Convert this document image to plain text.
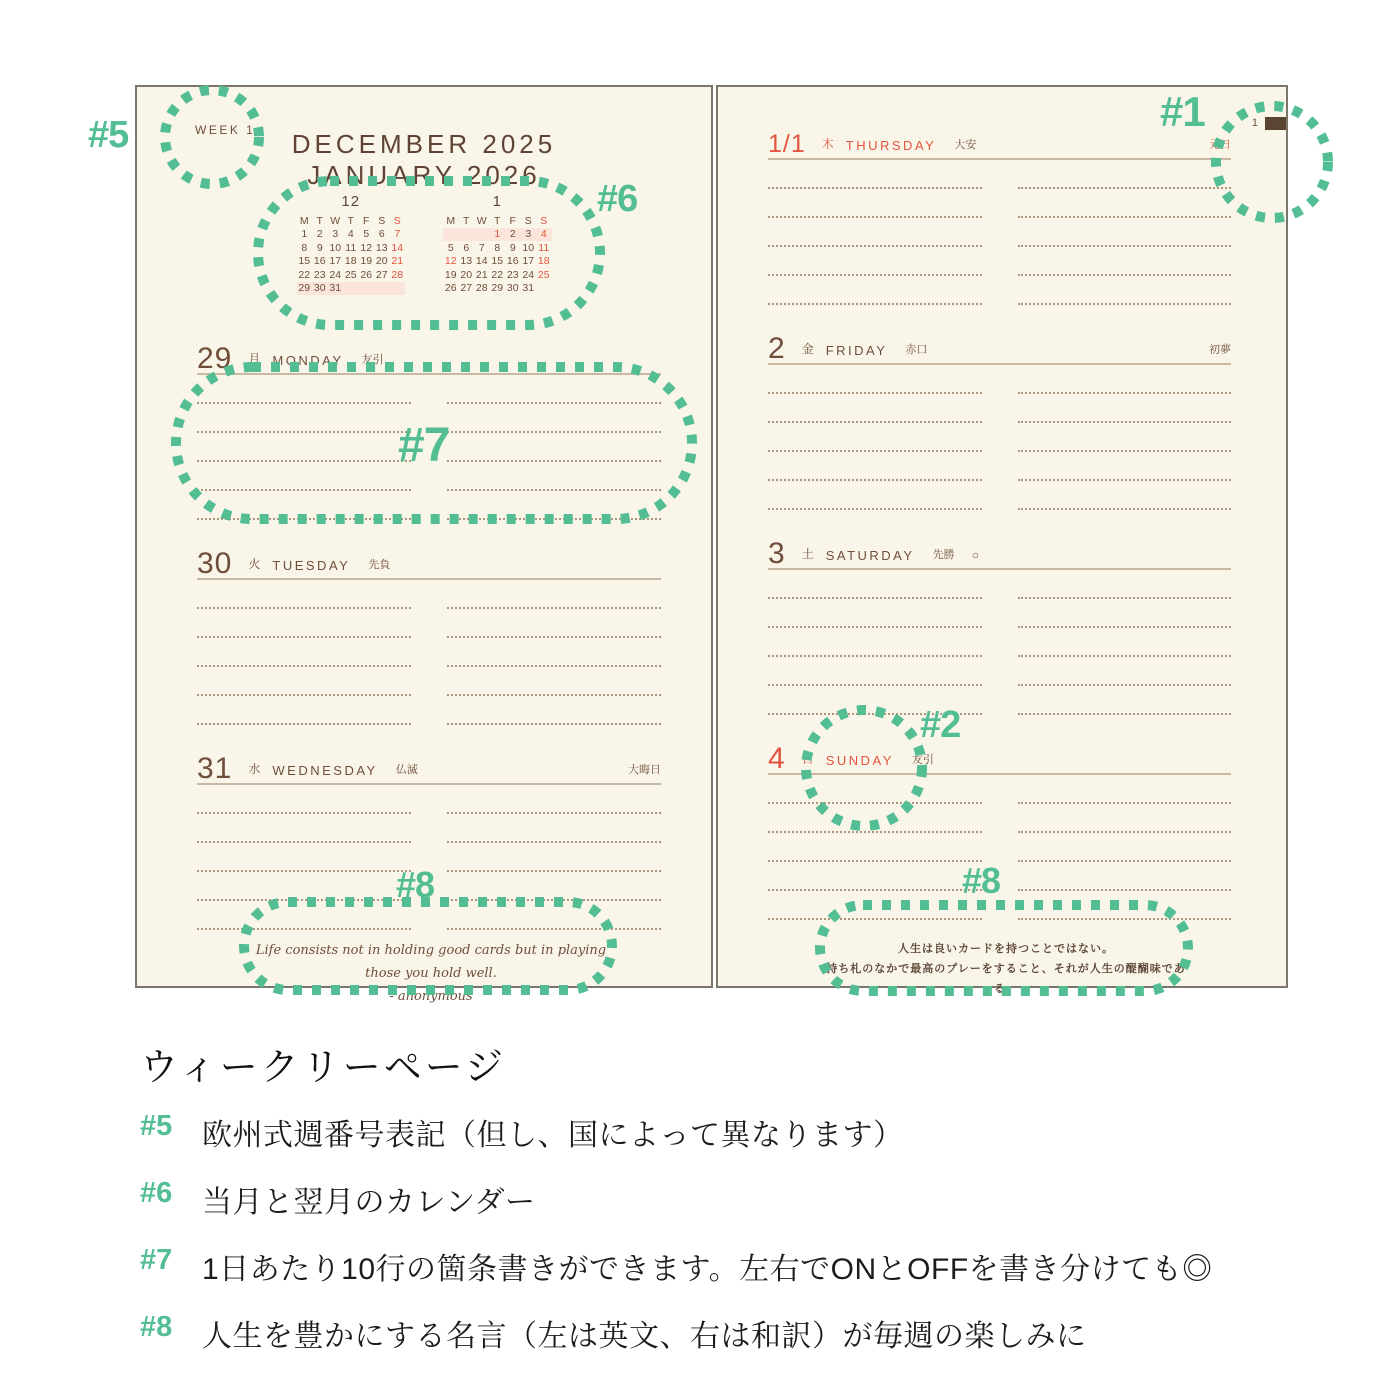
WEEK 1	DECEMBER 2025
JANUARY 2026
12
M	T	W	T	F	S	S
1	2	3	4	5	6	7
8	9	10	11	12	13	14
15	16	17	18	19	20	21
22	23	24	25	26	27	28
29	30	31				
1
M	T	W	T	F	S	S
			1	2	3	4
5	6	7	8	9	10	11
12	13	14	15	16	17	18
19	20	21	22	23	24	25
26	27	28	29	30	31	
29 月 MONDAY 友引
30 火 TUESDAY 先負
31 水 WEDNESDAY 仏滅	大晦日
Life consists not in holding good cards but in playing those you hold well.
- anonymous
1
1/1 木 THURSDAY 大安	元日
2 金 FRIDAY 赤口	初夢
3 土 SATURDAY 先勝 ○
4 日 SUNDAY 友引
人生は良いカードを持つことではない。
持ち札のなかで最高のプレーをすること、それが人生の醍醐味である。
#5
#6
#7
#8	#8
#2
#1
ウィークリーページ
#5 欧州式週番号表記（但し、国によって異なります）
#6 当月と翌月のカレンダー
#7 1日あたり10行の箇条書きができます。左右でONとOFFを書き分けても◎
#8 人生を豊かにする名言（左は英文、右は和訳）が毎週の楽しみに
